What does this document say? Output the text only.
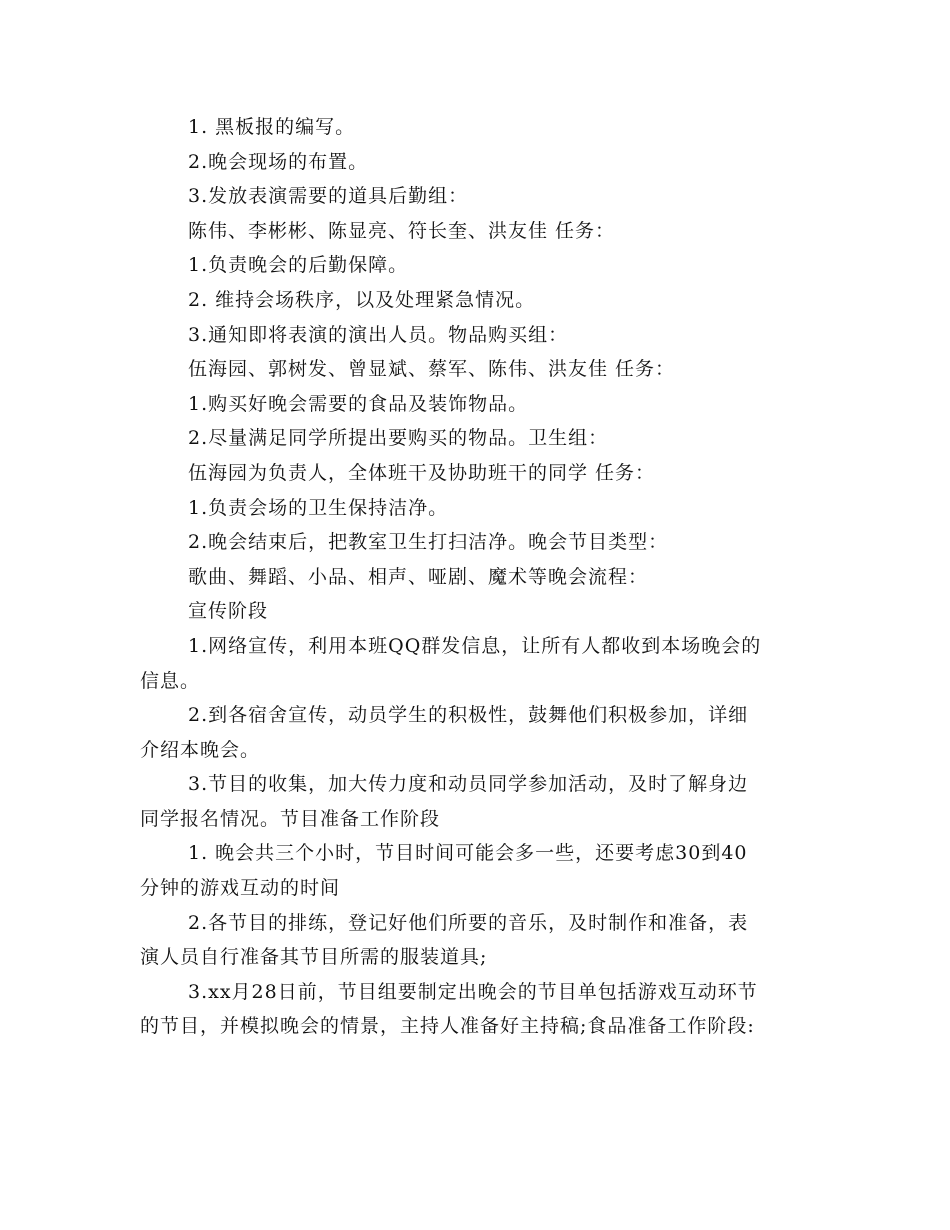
1. 黑板报的编写。
2.晚会现场的布置。
3.发放表演需要的道具后勤组：
陈伟、李彬彬、陈显亮、符长奎、洪友佳 任务：
1.负责晚会的后勤保障。
2. 维持会场秩序，以及处理紧急情况。
3.通知即将表演的演出人员。物品购买组：
伍海园、郭树发、曾显斌、蔡军、陈伟、洪友佳 任务：
1.购买好晚会需要的食品及装饰物品。
2.尽量满足同学所提出要购买的物品。卫生组：
伍海园为负责人，全体班干及协助班干的同学 任务：
1.负责会场的卫生保持洁净。
2.晚会结束后，把教室卫生打扫洁净。晚会节目类型：
歌曲、舞蹈、小品、相声、哑剧、魔术等晚会流程：
宣传阶段
1.网络宣传，利用本班QQ群发信息，让所有人都收到本场晚会的
信息。
2.到各宿舍宣传，动员学生的积极性，鼓舞他们积极参加，详细
介绍本晚会。
3.节目的收集，加大传力度和动员同学参加活动，及时了解身边
同学报名情况。节目准备工作阶段
1. 晚会共三个小时，节目时间可能会多一些，还要考虑30到40
分钟的游戏互动的时间
2.各节目的排练，登记好他们所要的音乐，及时制作和准备，表
演人员自行准备其节目所需的服装道具;
3.xx月28日前，节目组要制定出晚会的节目单包括游戏互动环节
的节目，并模拟晚会的情景，主持人准备好主持稿;食品准备工作阶段:
